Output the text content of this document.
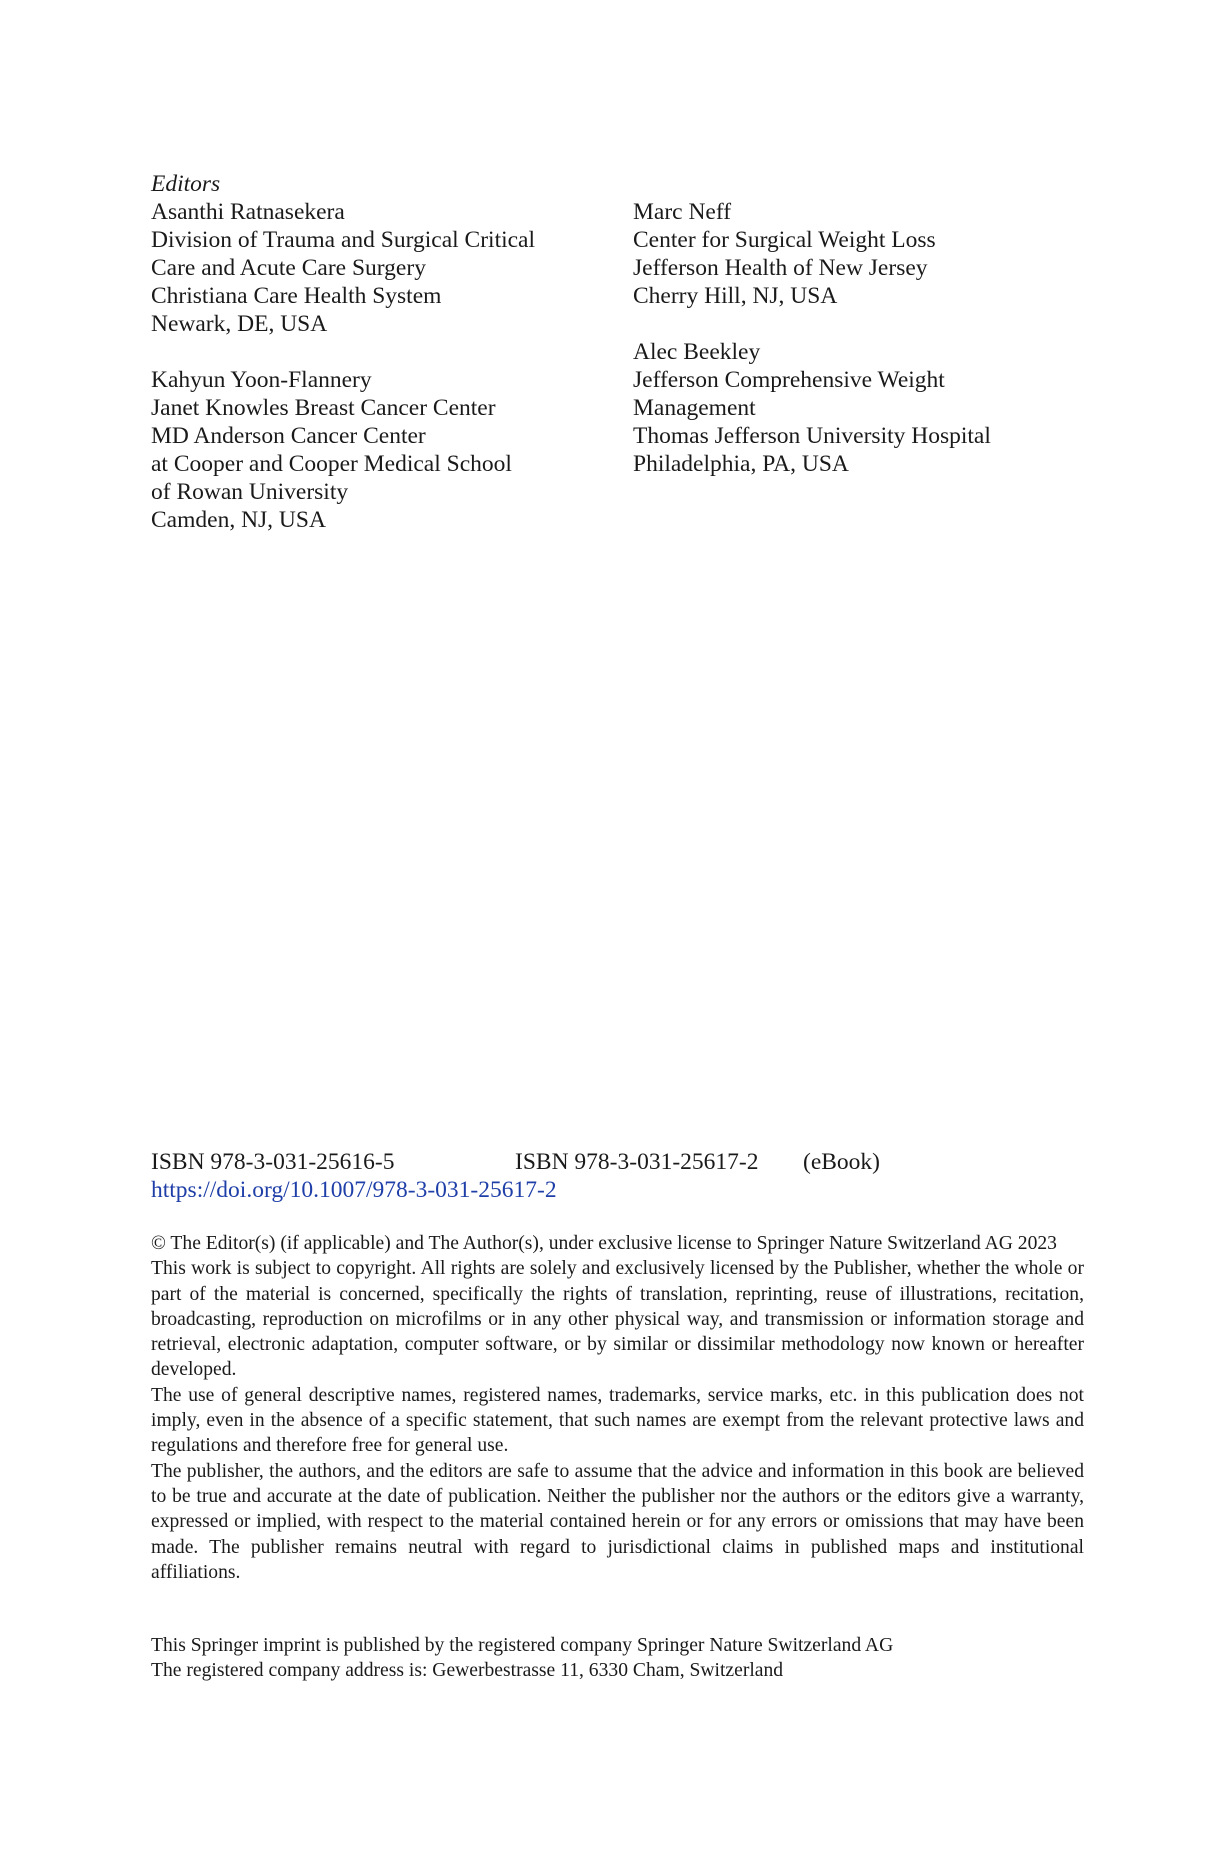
Editors

Asanthi Ratnasekera
Division of Trauma and Surgical Critical
Care and Acute Care Surgery
Christiana Care Health System
Newark, DE, USA
Kahyun Yoon-Flannery
Janet Knowles Breast Cancer Center
MD Anderson Cancer Center
at Cooper and Cooper Medical School
of Rowan University
Camden, NJ, USA
Marc Neff
Center for Surgical Weight Loss
Jefferson Health of New Jersey
Cherry Hill, NJ, USA
Alec Beekley
Jefferson Comprehensive Weight
Management
Thomas Jefferson University Hospital
Philadelphia, PA, USA
ISBN 978-3-031-25616-5	ISBN 978-3-031-25617-2	(eBook)
https://doi.org/10.1007/978-3-031-25617-2

© The Editor(s) (if applicable) and The Author(s), under exclusive license to Springer Nature Switzerland AG 2023

This work is subject to copyright. All rights are solely and exclusively licensed by the Publisher, whether the whole or part of the material is concerned, specifically the rights of translation, reprinting, reuse of illustrations, recitation, broadcasting, reproduction on microfilms or in any other physical way, and transmission or information storage and retrieval, electronic adaptation, computer software, or by similar or dissimilar methodology now known or hereafter developed.

The use of general descriptive names, registered names, trademarks, service marks, etc. in this publication does not imply, even in the absence of a specific statement, that such names are exempt from the relevant protective laws and regulations and therefore free for general use.

The publisher, the authors, and the editors are safe to assume that the advice and information in this book are believed to be true and accurate at the date of publication. Neither the publisher nor the authors or the editors give a warranty, expressed or implied, with respect to the material contained herein or for any errors or omissions that may have been made. The publisher remains neutral with regard to jurisdictional claims in published maps and institutional affiliations.

This Springer imprint is published by the registered company Springer Nature Switzerland AG
The registered company address is: Gewerbestrasse 11, 6330 Cham, Switzerland
